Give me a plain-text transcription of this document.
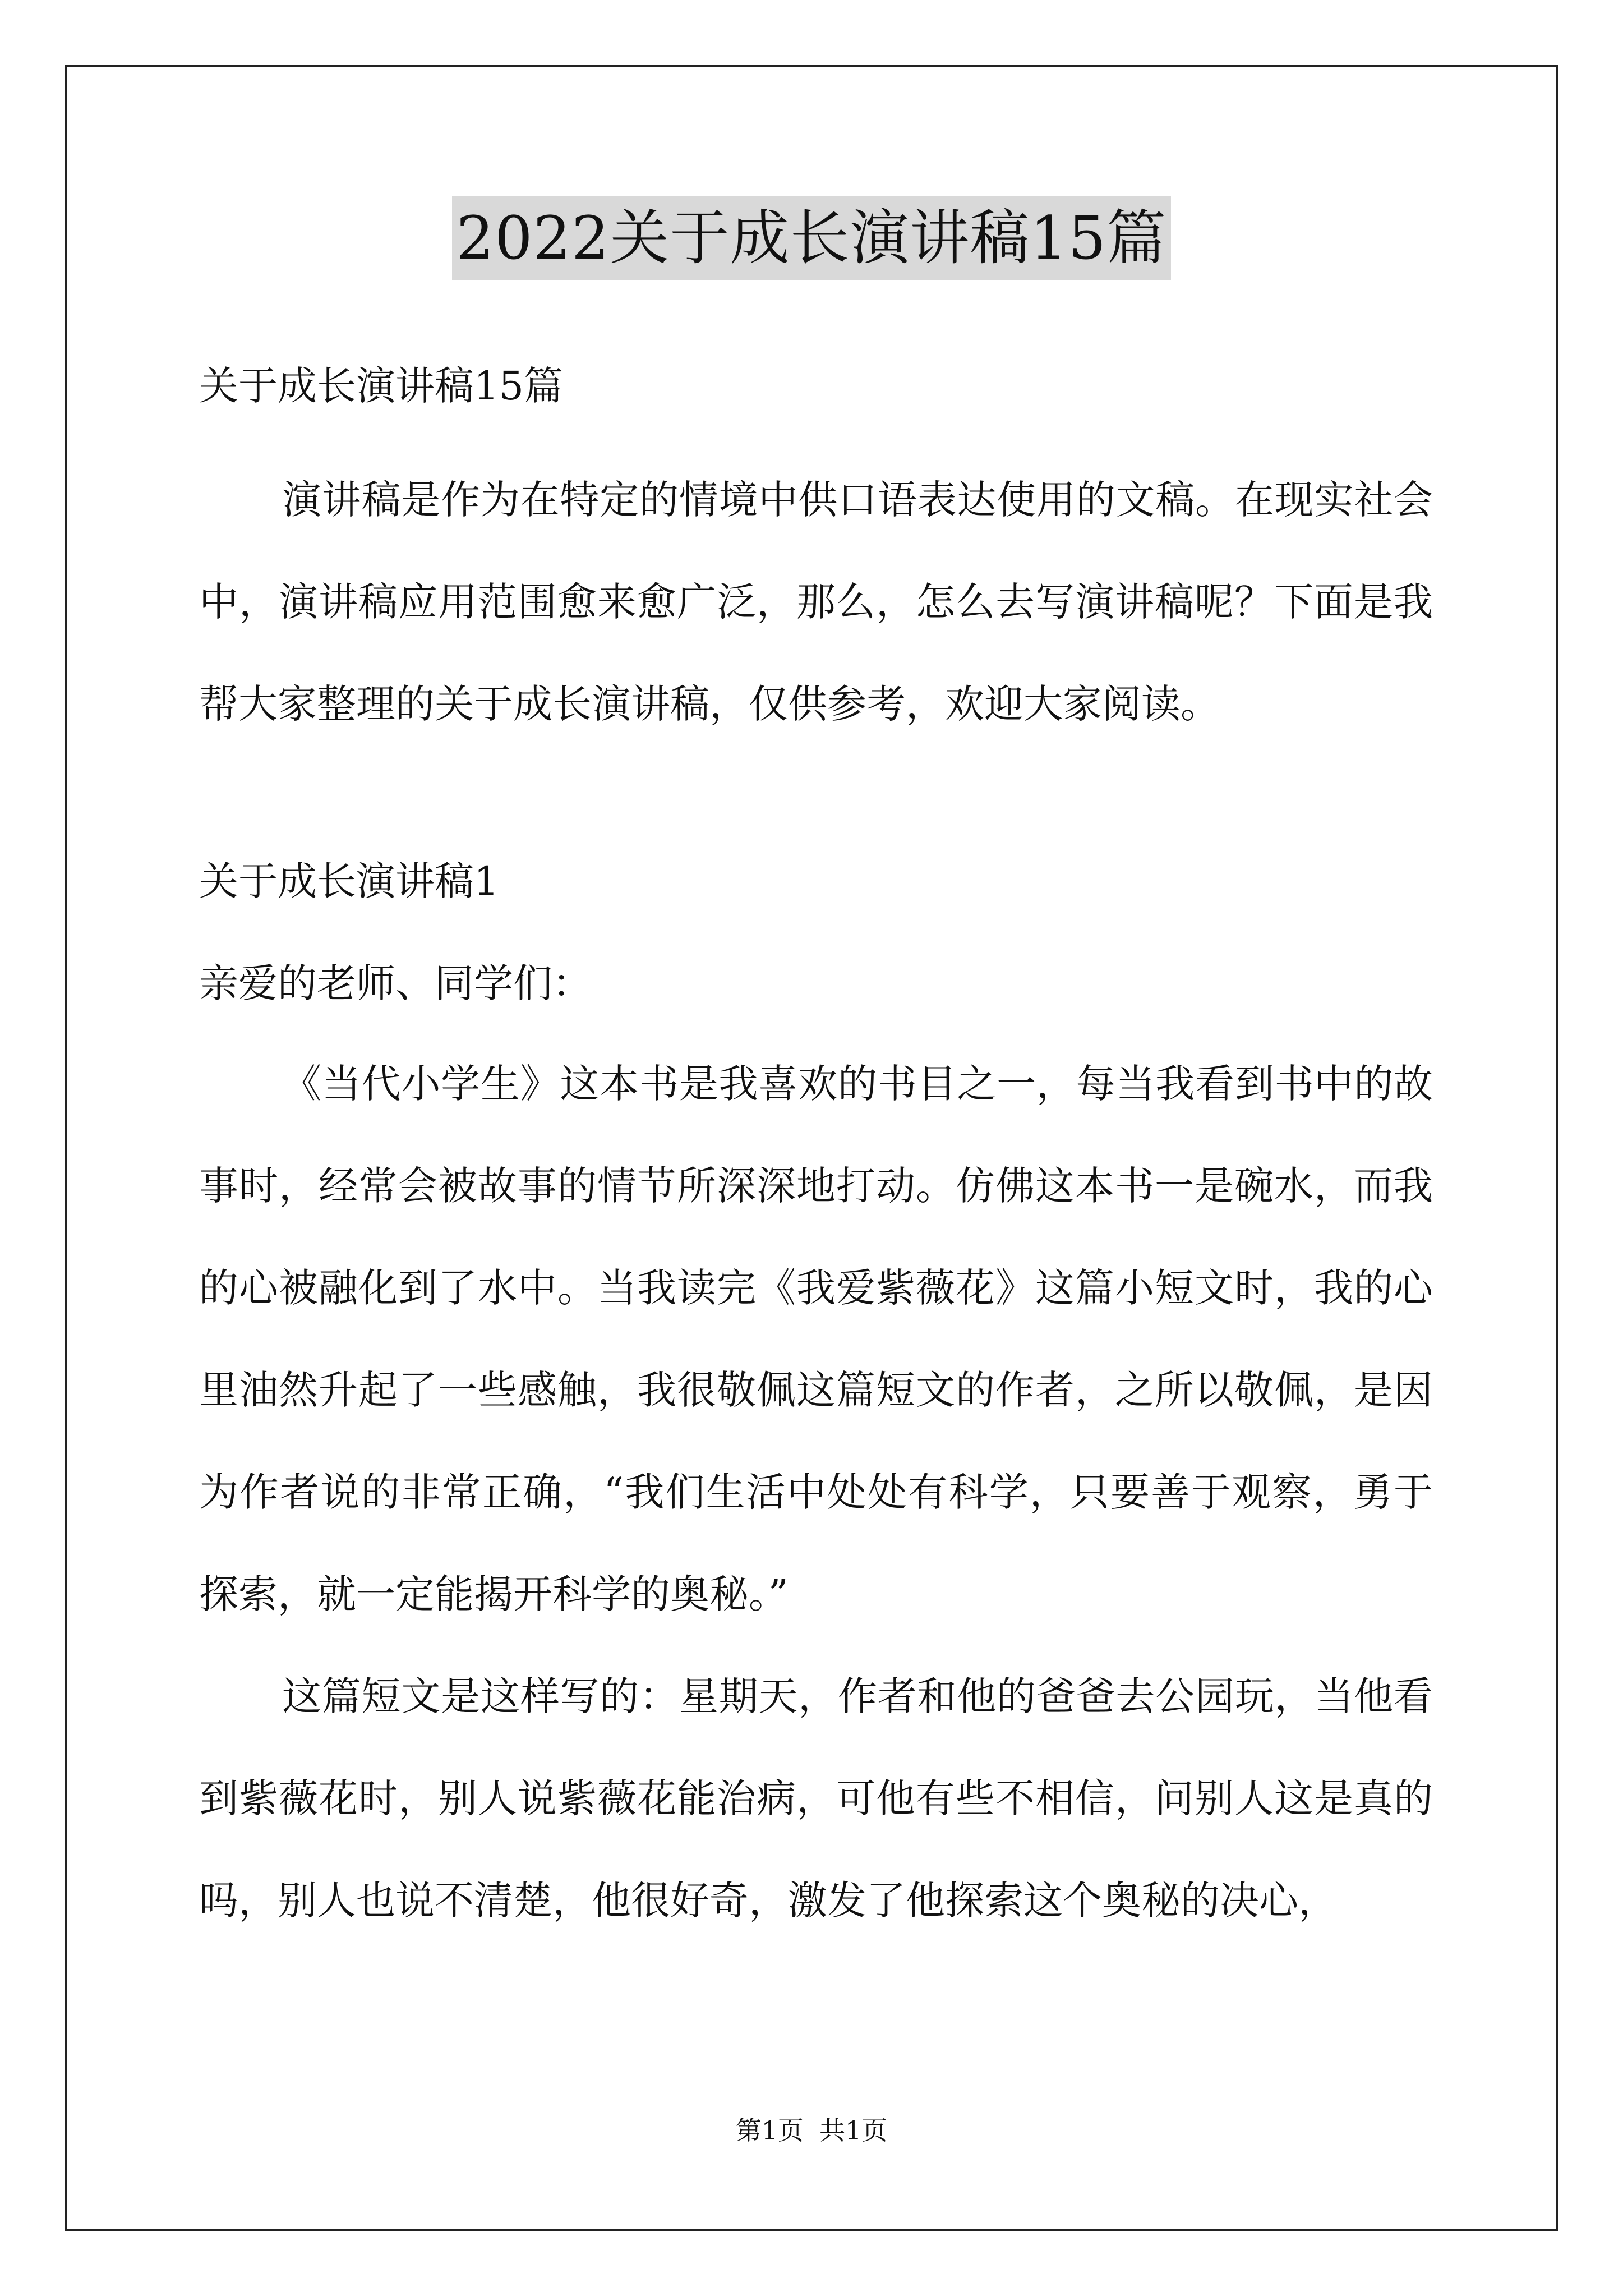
2022关于成长演讲稿15篇

关于成长演讲稿15篇

演讲稿是作为在特定的情境中供口语表达使用的文稿。在现实社会中，演讲稿应用范围愈来愈广泛，那么，怎么去写演讲稿呢？下面是我帮大家整理的关于成长演讲稿，仅供参考，欢迎大家阅读。

关于成长演讲稿1

亲爱的老师、同学们：

《当代小学生》这本书是我喜欢的书目之一，每当我看到书中的故事时，经常会被故事的情节所深深地打动。仿佛这本书一是碗水，而我的心被融化到了水中。当我读完《我爱紫薇花》这篇小短文时，我的心里油然升起了一些感触，我很敬佩这篇短文的作者，之所以敬佩，是因为作者说的非常正确，“我们生活中处处有科学，只要善于观察，勇于探索，就一定能揭开科学的奥秘。”

这篇短文是这样写的：星期天，作者和他的爸爸去公园玩，当他看到紫薇花时，别人说紫薇花能治病，可他有些不相信，问别人这是真的吗，别人也说不清楚，他很好奇，激发了他探索这个奥秘的决心，

第1页 共1页
